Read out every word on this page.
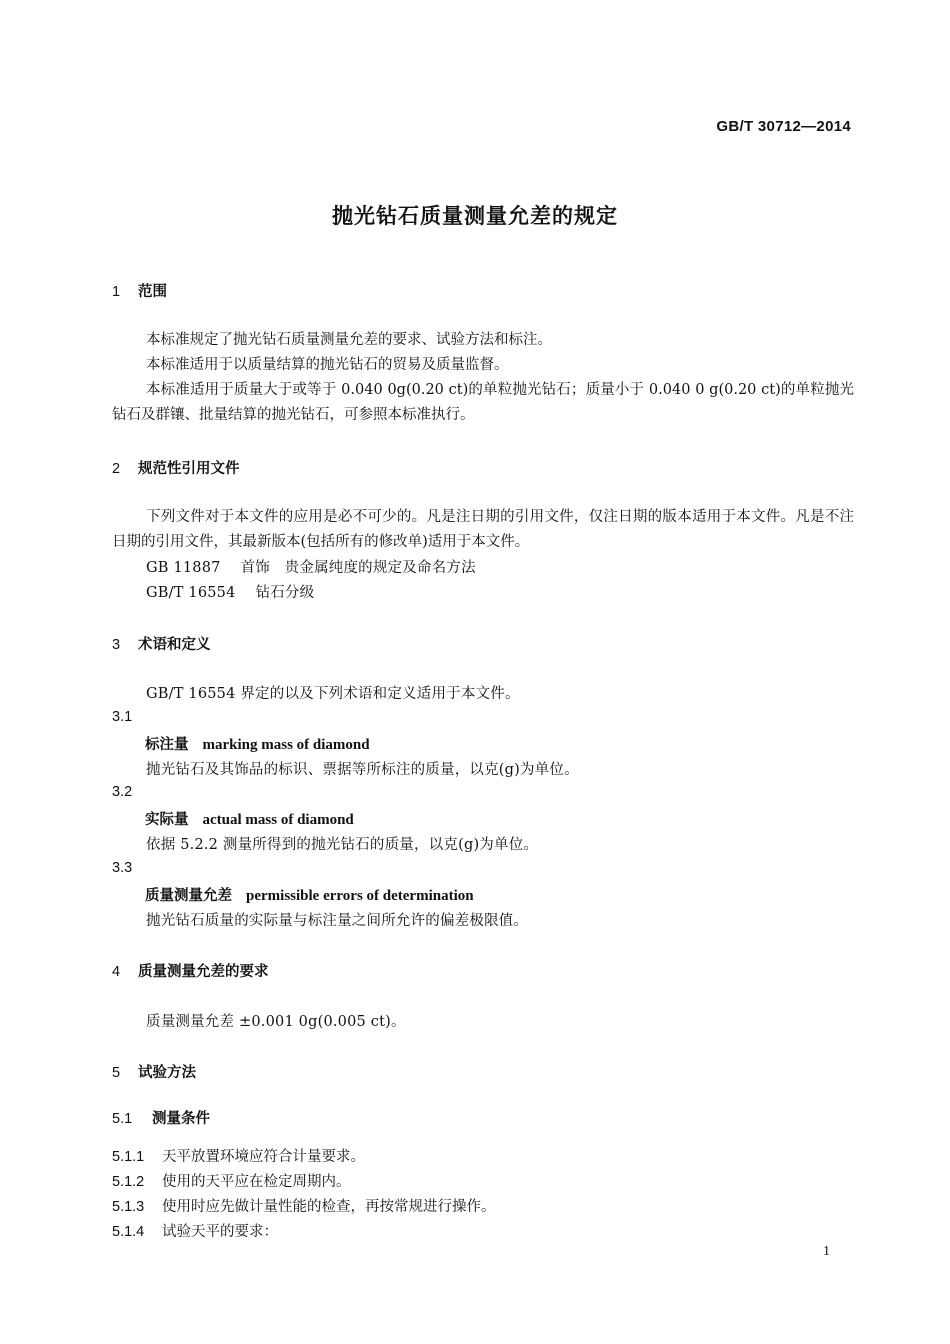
GB/T 30712—2014
抛光钻石质量测量允差的规定
1 范围
本标准规定了抛光钻石质量测量允差的要求、试验方法和标注。
本标准适用于以质量结算的抛光钻石的贸易及质量监督。
本标准适用于质量大于或等于 0.040 0g(0.20 ct)的单粒抛光钻石；质量小于 0.040 0 g(0.20 ct)的单粒抛光钻石及群镶、批量结算的抛光钻石，可参照本标准执行。
2 规范性引用文件
下列文件对于本文件的应用是必不可少的。凡是注日期的引用文件，仅注日期的版本适用于本文件。凡是不注日期的引用文件，其最新版本(包括所有的修改单)适用于本文件。
GB 11887 首饰　贵金属纯度的规定及命名方法
GB/T 16554 钻石分级
3 术语和定义
GB/T 16554 界定的以及下列术语和定义适用于本文件。
3.1
标注量 marking mass of diamond
抛光钻石及其饰品的标识、票据等所标注的质量，以克(g)为单位。
3.2
实际量 actual mass of diamond
依据 5.2.2 测量所得到的抛光钻石的质量，以克(g)为单位。
3.3
质量测量允差 permissible errors of determination
抛光钻石质量的实际量与标注量之间所允许的偏差极限值。
4 质量测量允差的要求
质量测量允差 ±0.001 0g(0.005 ct)。
5 试验方法
5.1 测量条件
5.1.1 天平放置环境应符合计量要求。
5.1.2 使用的天平应在检定周期内。
5.1.3 使用时应先做计量性能的检查，再按常规进行操作。
5.1.4 试验天平的要求：
1
